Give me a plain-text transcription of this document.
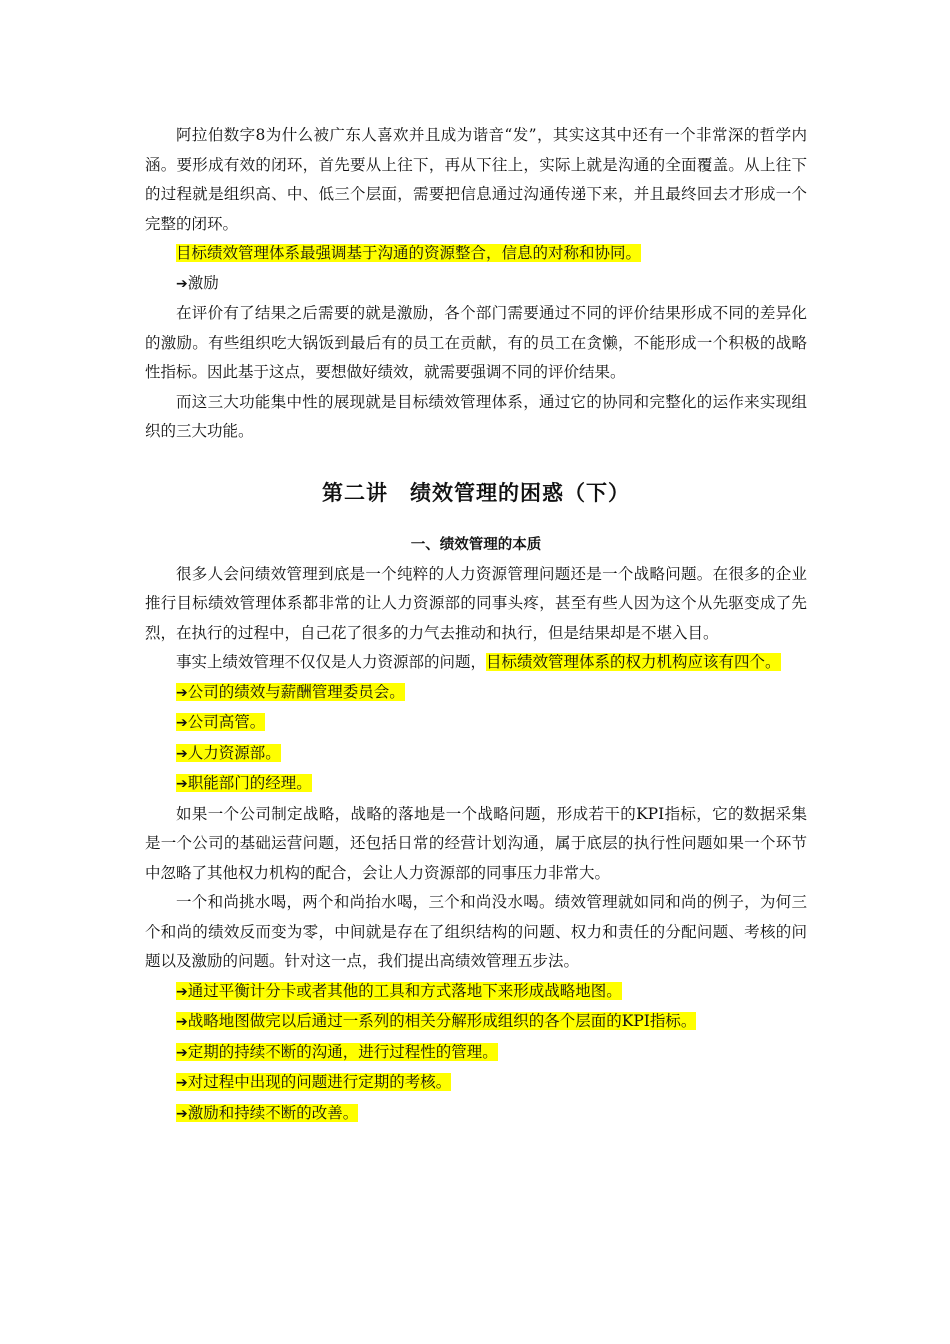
阿拉伯数字8为什么被广东人喜欢并且成为谐音“发”，其实这其中还有一个非常深的哲学内涵。要形成有效的闭环，首先要从上往下，再从下往上，实际上就是沟通的全面覆盖。从上往下的过程就是组织高、中、低三个层面，需要把信息通过沟通传递下来，并且最终回去才形成一个完整的闭环。

目标绩效管理体系最强调基于沟通的资源整合，信息的对称和协同。

➔激励

在评价有了结果之后需要的就是激励，各个部门需要通过不同的评价结果形成不同的差异化的激励。有些组织吃大锅饭到最后有的员工在贡献，有的员工在贪懒，不能形成一个积极的战略性指标。因此基于这点，要想做好绩效，就需要强调不同的评价结果。

而这三大功能集中性的展现就是目标绩效管理体系，通过它的协同和完整化的运作来实现组织的三大功能。

第二讲　绩效管理的困惑（下）
一、绩效管理的本质

很多人会问绩效管理到底是一个纯粹的人力资源管理问题还是一个战略问题。在很多的企业推行目标绩效管理体系都非常的让人力资源部的同事头疼，甚至有些人因为这个从先驱变成了先烈，在执行的过程中，自己花了很多的力气去推动和执行，但是结果却是不堪入目。

事实上绩效管理不仅仅是人力资源部的问题，目标绩效管理体系的权力机构应该有四个。

➔公司的绩效与薪酬管理委员会。

➔公司高管。

➔人力资源部。

➔职能部门的经理。

如果一个公司制定战略，战略的落地是一个战略问题，形成若干的KPI指标，它的数据采集是一个公司的基础运营问题，还包括日常的经营计划沟通，属于底层的执行性问题如果一个环节中忽略了其他权力机构的配合，会让人力资源部的同事压力非常大。

一个和尚挑水喝，两个和尚抬水喝，三个和尚没水喝。绩效管理就如同和尚的例子，为何三个和尚的绩效反而变为零，中间就是存在了组织结构的问题、权力和责任的分配问题、考核的问题以及激励的问题。针对这一点，我们提出高绩效管理五步法。

➔通过平衡计分卡或者其他的工具和方式落地下来形成战略地图。

➔战略地图做完以后通过一系列的相关分解形成组织的各个层面的KPI指标。

➔定期的持续不断的沟通，进行过程性的管理。

➔对过程中出现的问题进行定期的考核。

➔激励和持续不断的改善。
